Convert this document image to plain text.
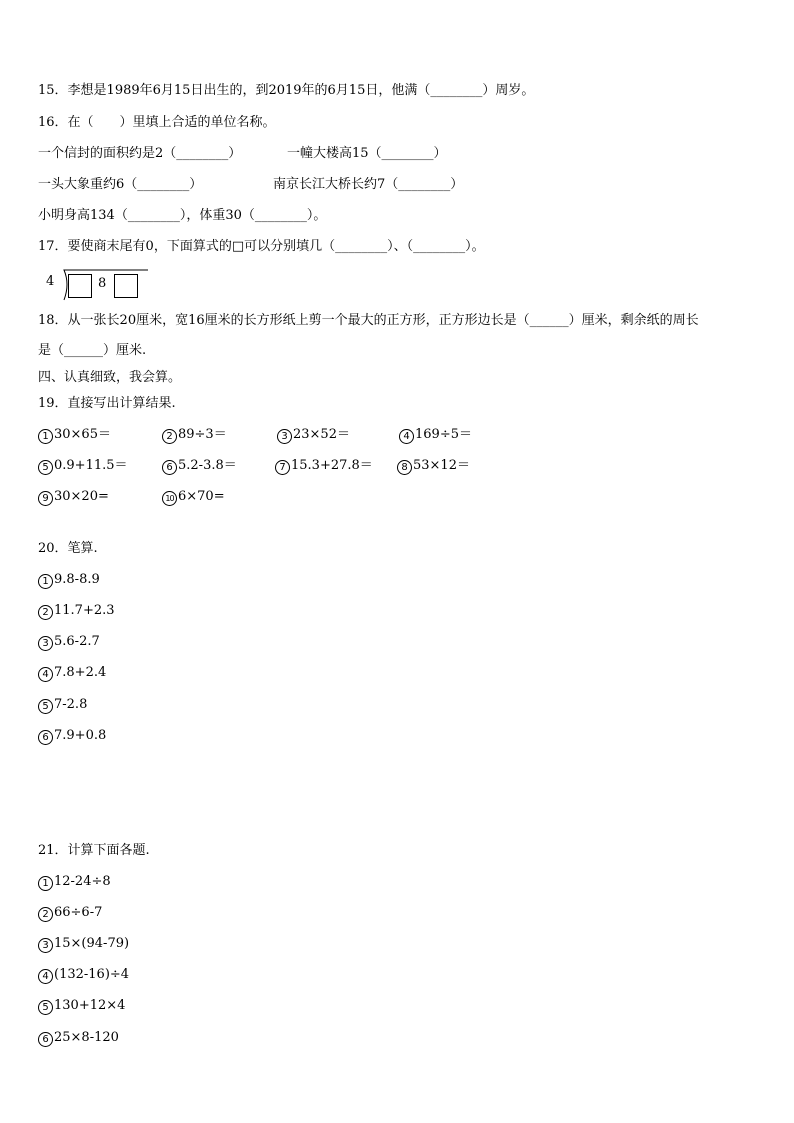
15．李想是1989年6月15日出生的，到2019年的6月15日，他满（________）周岁。
16．在（　　）里填上合适的单位名称。
一个信封的面积约是2（________）	一幢大楼高15（________）
一头大象重约6（________）	南京长江大桥长约7（________）
小明身高134（________），体重30（________）。
17．要使商末尾有0，下面算式的□可以分别填几（________）、（________）。
4	8
18．从一张长20厘米，宽16厘米的长方形纸上剪一个最大的正方形，正方形边长是（______）厘米，剩余纸的周长
是（______）厘米.
四、认真细致，我会算。
19．直接写出计算结果.
1 30×65＝	2 89÷3＝	3 23×52＝	4 169÷5＝
5 0.9+11.5＝	6 5.2-3.8＝	7 15.3+27.8＝	8 53×12＝
9 30×20=	10 6×70=
20．笔算.
1 9.8-8.9
2 11.7+2.3
3 5.6-2.7
4 7.8+2.4
5 7-2.8
6 7.9+0.8
21．计算下面各题.
1 12-24÷8
2 66÷6-7
3 15×(94-79)
4 (132-16)÷4
5 130+12×4
6 25×8-120
